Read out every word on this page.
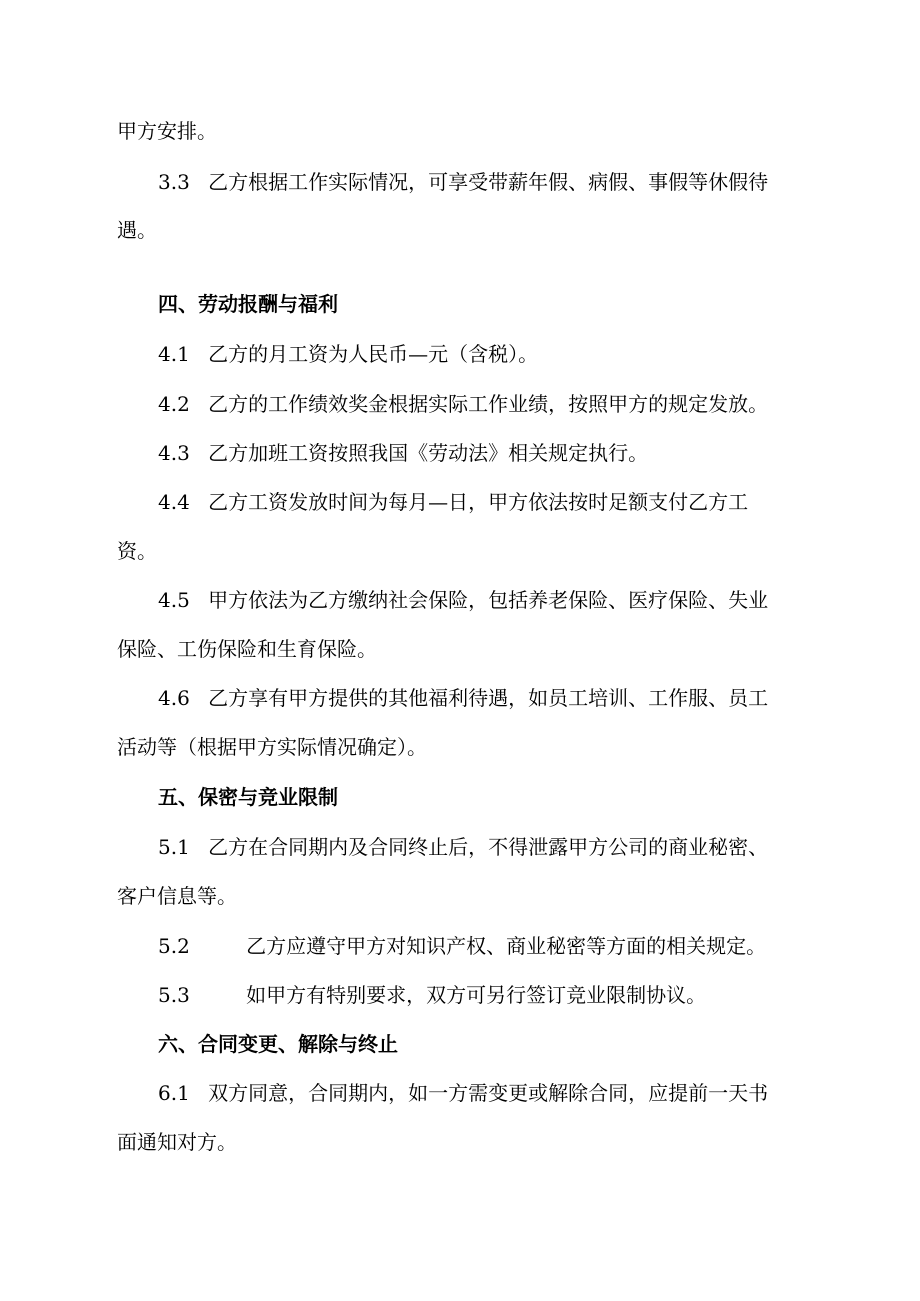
甲方安排。
3.3 乙方根据工作实际情况，可享受带薪年假、病假、事假等休假待
遇。
四、劳动报酬与福利
4.1 乙方的月工资为人民币—元（含税）。
4.2 乙方的工作绩效奖金根据实际工作业绩，按照甲方的规定发放。
4.3 乙方加班工资按照我国《劳动法》相关规定执行。
4.4 乙方工资发放时间为每月—日，甲方依法按时足额支付乙方工
资。
4.5 甲方依法为乙方缴纳社会保险，包括养老保险、医疗保险、失业
保险、工伤保险和生育保险。
4.6 乙方享有甲方提供的其他福利待遇，如员工培训、工作服、员工
活动等（根据甲方实际情况确定）。
五、保密与竞业限制
5.1 乙方在合同期内及合同终止后，不得泄露甲方公司的商业秘密、
客户信息等。
5.2	乙方应遵守甲方对知识产权、商业秘密等方面的相关规定。
5.3	如甲方有特别要求，双方可另行签订竞业限制协议。
六、合同变更、解除与终止
6.1 双方同意，合同期内，如一方需变更或解除合同，应提前一天书
面通知对方。
